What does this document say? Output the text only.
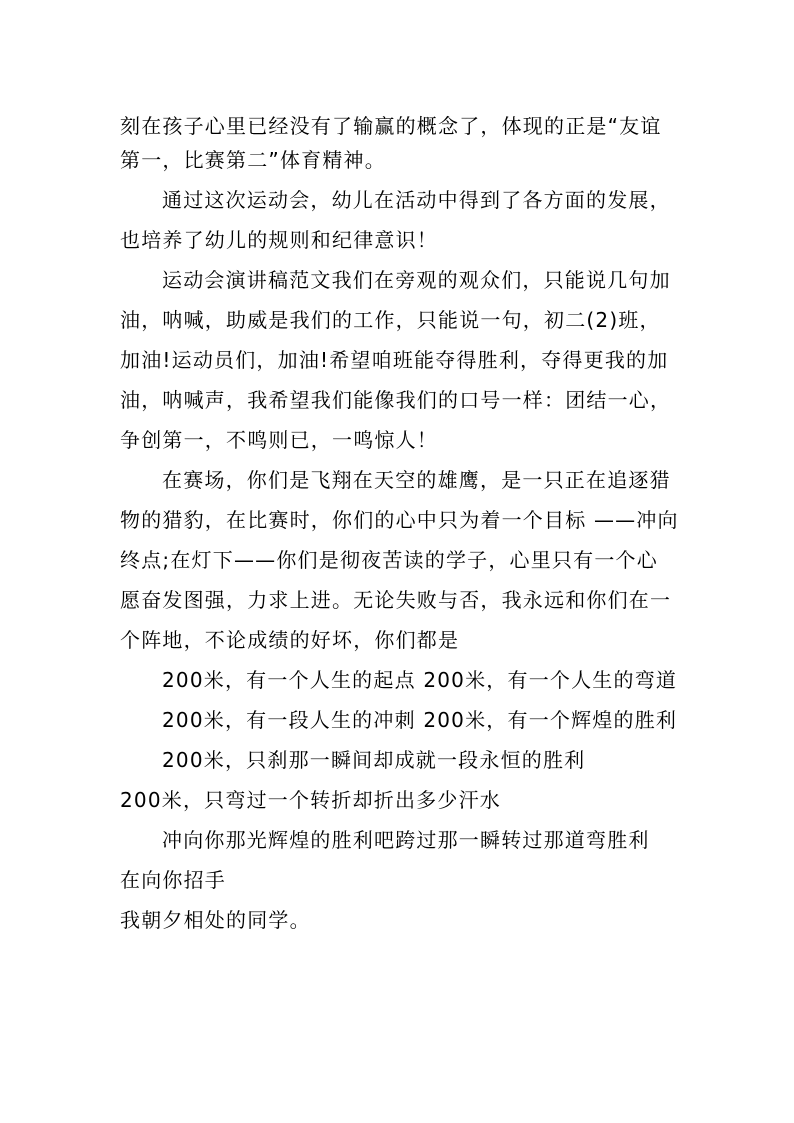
刻在孩子心里已经没有了输赢的概念了，体现的正是“友谊
第一，比赛第二”体育精神。
通过这次运动会，幼儿在活动中得到了各方面的发展，
也培养了幼儿的规则和纪律意识！
运动会演讲稿范文我们在旁观的观众们，只能说几句加
油，呐喊，助威是我们的工作，只能说一句，初二(2)班，
加油!运动员们，加油!希望咱班能夺得胜利，夺得更我的加
油，呐喊声，我希望我们能像我们的口号一样：团结一心，
争创第一，不鸣则已，一鸣惊人！
在赛场，你们是飞翔在天空的雄鹰，是一只正在追逐猎
物的猎豹，在比赛时，你们的心中只为着一个目标 ——冲向
终点;在灯下——你们是彻夜苦读的学子，心里只有一个心
愿奋发图强，力求上进。无论失败与否，我永远和你们在一
个阵地，不论成绩的好坏，你们都是
200米，有一个人生的起点 200米，有一个人生的弯道
200米，有一段人生的冲刺 200米，有一个辉煌的胜利
200米，只刹那一瞬间却成就一段永恒的胜利
200米，只弯过一个转折却折出多少汗水
冲向你那光辉煌的胜利吧跨过那一瞬转过那道弯胜利
在向你招手
我朝夕相处的同学。
